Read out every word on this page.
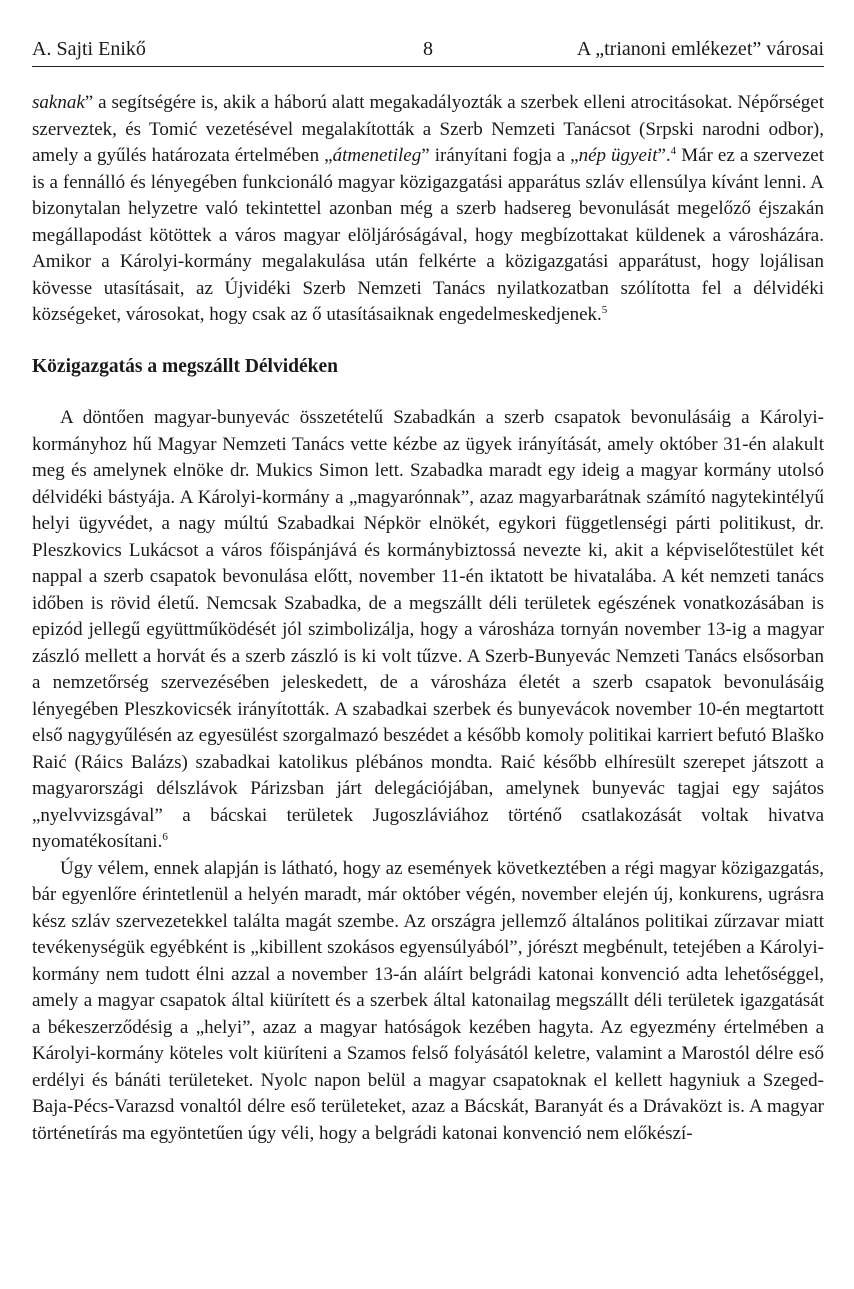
A. Sajti Enikő	8	A „trianoni emlékezet” városai

saknak” a segítségére is, akik a háború alatt megakadályozták a szerbek elleni atrocitásokat. Népőrséget szerveztek, és Tomić vezetésével megalakították a Szerb Nemzeti Tanácsot (Srpski narodni odbor), amely a gyűlés határozata értelmében „átmenetileg” irányítani fogja a „nép ügyeit”.$^4$ Már ez a szervezet is a fennálló és lényegében funkcionáló magyar közigazgatási apparátus szláv ellensúlya kívánt lenni. A bizonytalan helyzetre való tekintettel azonban még a szerb hadsereg bevonulását megelőző éjszakán megállapodást kötöttek a város magyar elöljáróságával, hogy megbízottakat küldenek a városházára. Amikor a Károlyi-kormány megalakulása után felkérte a közigazgatási apparátust, hogy lojálisan kövesse utasításait, az Újvidéki Szerb Nemzeti Tanács nyilatkozatban szólította fel a délvidéki községeket, városokat, hogy csak az ő utasításaiknak engedelmeskedjenek.$^5$

Közigazgatás a megszállt Délvidéken

A döntően magyar-bunyevác összetételű Szabadkán a szerb csapatok bevonulásáig a Károlyi-kormányhoz hű Magyar Nemzeti Tanács vette kézbe az ügyek irányítását, amely október 31-én alakult meg és amelynek elnöke dr. Mukics Simon lett. Szabadka maradt egy ideig a magyar kormány utolsó délvidéki bástyája. A Károlyi-kormány a „magyarónnak”, azaz magyarbarátnak számító nagytekintélyű helyi ügyvédet, a nagy múltú Szabadkai Népkör elnökét, egykori függetlenségi párti politikust, dr. Pleszkovics Lukácsot a város főispánjává és kormánybiztossá nevezte ki, akit a képviselőtestület két nappal a szerb csapatok bevonulása előtt, november 11-én iktatott be hivatalába. A két nemzeti tanács időben is rövid életű. Nemcsak Szabadka, de a megszállt déli területek egészének vonatkozásában is epizód jellegű együttműködését jól szimbolizálja, hogy a városháza tornyán november 13-ig a magyar zászló mellett a horvát és a szerb zászló is ki volt tűzve. A Szerb-Bunyevác Nemzeti Tanács elsősorban a nemzetőrség szervezésében jeleskedett, de a városháza életét a szerb csapatok bevonulásáig lényegében Pleszkovicsék irányították. A szabadkai szerbek és bunyevácok november 10-én megtartott első nagygyűlésén az egyesülést szorgalmazó beszédet a később komoly politikai karriert befutó Blaško Raić (Ráics Balázs) szabadkai katolikus plébános mondta. Raić később elhíresült szerepet játszott a magyarországi délszlávok Párizsban járt delegációjában, amelynek bunyevác tagjai egy sajátos „nyelvvizsgával” a bácskai területek Jugoszláviához történő csatlakozását voltak hivatva nyomatékosítani.$^6$

Úgy vélem, ennek alapján is látható, hogy az események következtében a régi magyar közigazgatás, bár egyenlőre érintetlenül a helyén maradt, már október végén, november elején új, konkurens, ugrásra kész szláv szervezetekkel találta magát szembe. Az országra jellemző általános politikai zűrzavar miatt tevékenységük egyébként is „kibillent szokásos egyensúlyából”, jórészt megbénult, tetejében a Károlyi-kormány nem tudott élni azzal a november 13-án aláírt belgrádi katonai konvenció adta lehetőséggel, amely a magyar csapatok által kiürített és a szerbek által katonailag megszállt déli területek igazgatását a békeszerződésig a „helyi”, azaz a magyar hatóságok kezében hagyta. Az egyezmény értelmében a Károlyi-kormány köteles volt kiüríteni a Szamos felső folyásától keletre, valamint a Marostól délre eső erdélyi és bánáti területeket. Nyolc napon belül a magyar csapatoknak el kellett hagyniuk a Szeged-Baja-Pécs-Varazsd vonaltól délre eső területeket, azaz a Bácskát, Baranyát és a Drávaközt is. A magyar történetírás ma egyöntetűen úgy véli, hogy a belgrádi katonai konvenció nem előkészí-
